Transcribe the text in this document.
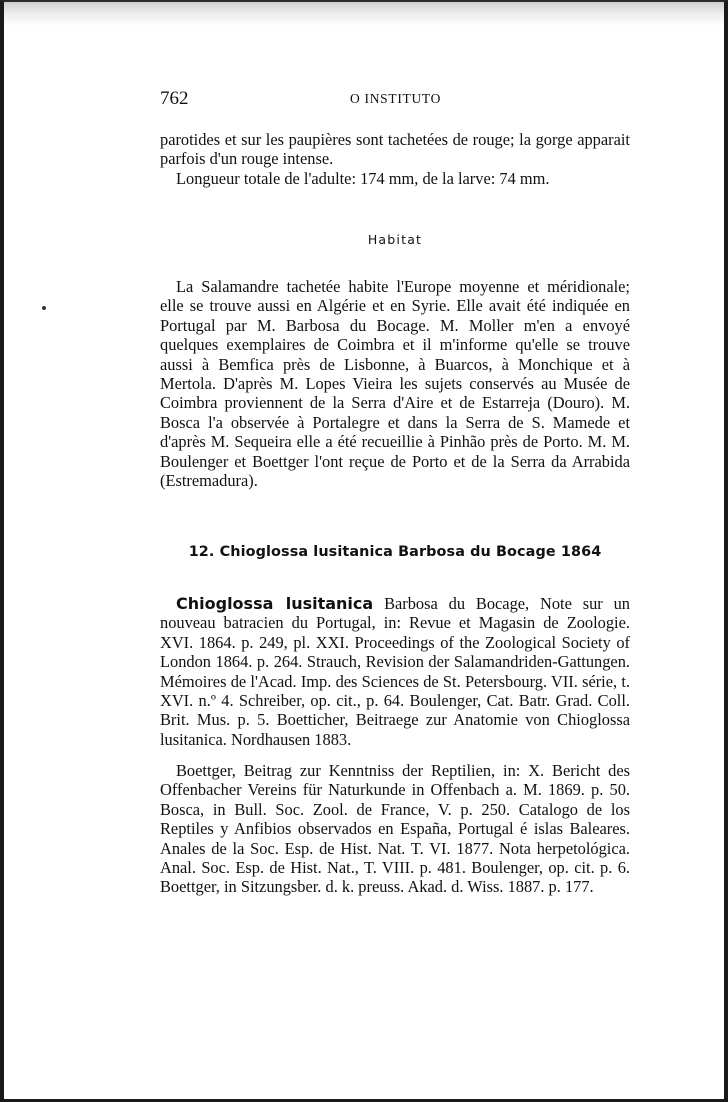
762	O INSTITUTO

parotides et sur les paupières sont tachetées de rouge; la gorge apparait parfois d'un rouge intense.

Longueur totale de l'adulte: 174 mm, de la larve: 74 mm.
Habitat

La Salamandre tachetée habite l'Europe moyenne et méridionale; elle se trouve aussi en Algérie et en Syrie. Elle avait été indiquée en Portugal par M. Barbosa du Bocage. M. Moller m'en a envoyé quelques exemplaires de Coimbra et il m'informe qu'elle se trouve aussi à Bemfica près de Lisbonne, à Buarcos, à Monchique et à Mertola. D'après M. Lopes Vieira les sujets conservés au Musée de Coimbra proviennent de la Serra d'Aire et de Estarreja (Douro). M. Bosca l'a observée à Portalegre et dans la Serra de S. Mamede et d'après M. Sequeira elle a été recueillie à Pinhão près de Porto. M. M. Boulenger et Boettger l'ont reçue de Porto et de la Serra da Arrabida (Estremadura).

12. Chioglossa lusitanica Barbosa du Bocage 1864

Chioglossa lusitanica Barbosa du Bocage, Note sur un nouveau batracien du Portugal, in: Revue et Magasin de Zoologie. XVI. 1864. p. 249, pl. XXI. Proceedings of the Zoological Society of London 1864. p. 264. Strauch, Revision der Salamandriden-Gattungen. Mémoires de l'Acad. Imp. des Sciences de St. Petersbourg. VII. série, t. XVI. n.º 4. Schreiber, op. cit., p. 64. Boulenger, Cat. Batr. Grad. Coll. Brit. Mus. p. 5. Boetticher, Beitraege zur Anatomie von Chioglossa lusitanica. Nordhausen 1883.

Boettger, Beitrag zur Kenntniss der Reptilien, in: X. Bericht des Offenbacher Vereins für Naturkunde in Offenbach a. M. 1869. p. 50. Bosca, in Bull. Soc. Zool. de France, V. p. 250. Catalogo de los Reptiles y Anfibios observados en España, Portugal é islas Baleares. Anales de la Soc. Esp. de Hist. Nat. T. VI. 1877. Nota herpetológica. Anal. Soc. Esp. de Hist. Nat., T. VIII. p. 481. Boulenger, op. cit. p. 6. Boettger, in Sitzungsber. d. k. preuss. Akad. d. Wiss. 1887. p. 177.
